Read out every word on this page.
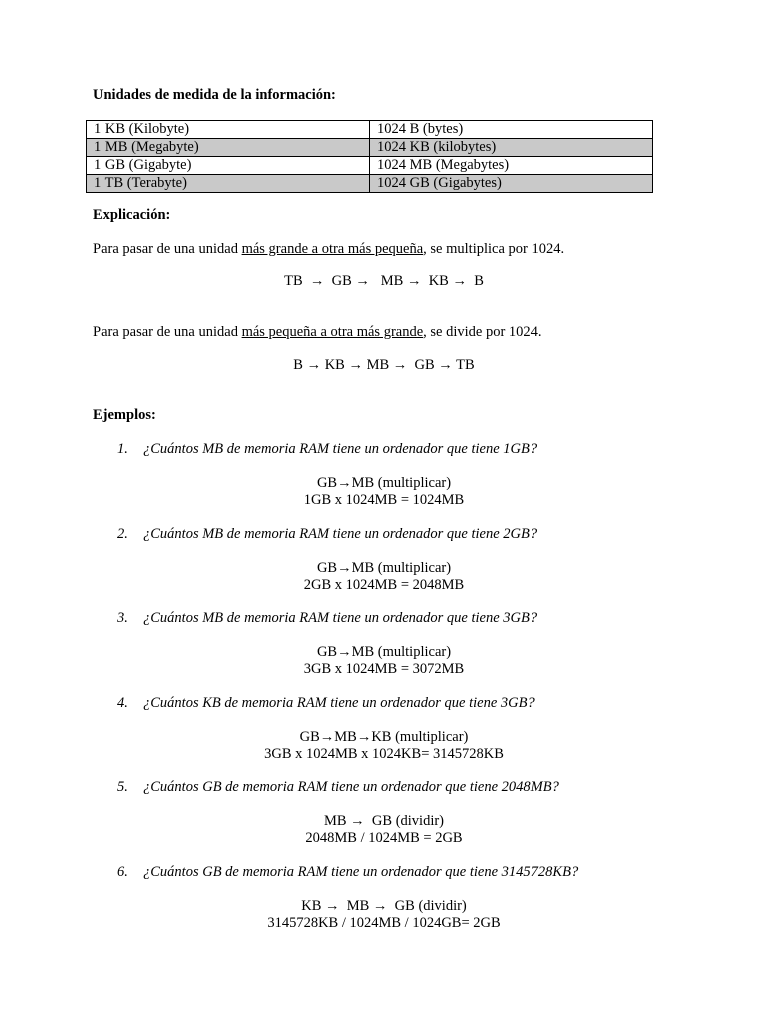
Unidades de medida de la información:
1 KB (Kilobyte)	1024 B (bytes)
1 MB (Megabyte)	1024 KB (kilobytes)
1 GB (Gigabyte)	1024 MB (Megabytes)
1 TB (Terabyte)	1024 GB (Gigabytes)
Explicación:
Para pasar de una unidad más grande a otra más pequeña, se multiplica por 1024.
TB  →  GB →   MB →  KB →  B
Para pasar de una unidad más pequeña a otra más grande, se divide por 1024.
B → KB → MB →  GB → TB
Ejemplos:
1. ¿Cuántos MB de memoria RAM tiene un ordenador que tiene 1GB?
GB→MB (multiplicar)
1GB x 1024MB = 1024MB
2. ¿Cuántos MB de memoria RAM tiene un ordenador que tiene 2GB?
GB→MB (multiplicar)
2GB x 1024MB = 2048MB
3. ¿Cuántos MB de memoria RAM tiene un ordenador que tiene 3GB?
GB→MB (multiplicar)
3GB x 1024MB = 3072MB
4. ¿Cuántos KB de memoria RAM tiene un ordenador que tiene 3GB?
GB→MB→KB (multiplicar)
3GB x 1024MB x 1024KB= 3145728KB
5. ¿Cuántos GB de memoria RAM tiene un ordenador que tiene 2048MB?
MB →  GB (dividir)
2048MB / 1024MB = 2GB
6. ¿Cuántos GB de memoria RAM tiene un ordenador que tiene 3145728KB?
KB →  MB →  GB (dividir)
3145728KB / 1024MB / 1024GB= 2GB
